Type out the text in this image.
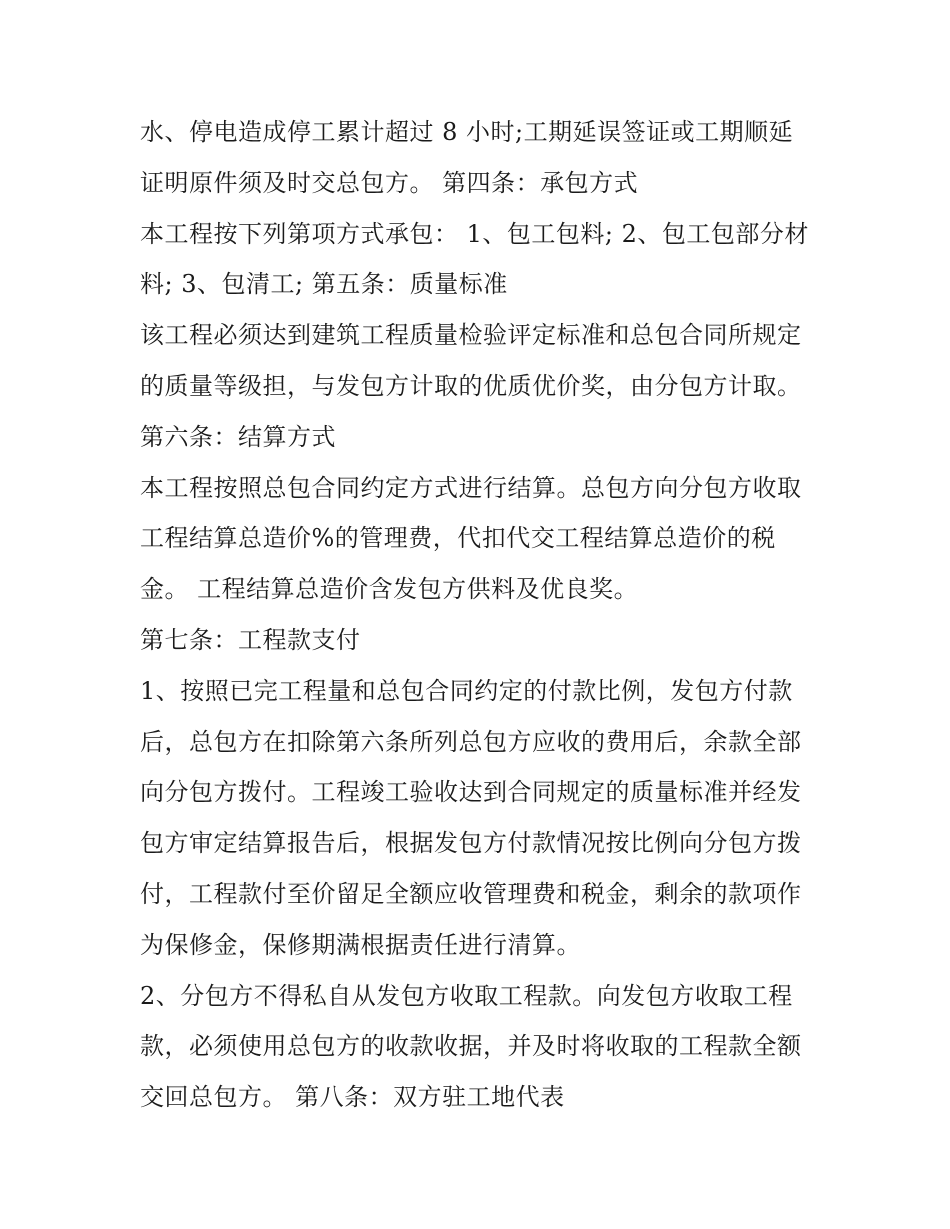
水、停电造成停工累计超过 8 小时;工期延误签证或工期顺延
证明原件须及时交总包方。 第四条：承包方式
本工程按下列第项方式承包： 1、包工包料; 2、包工包部分材
料; 3、包清工; 第五条：质量标准
该工程必须达到建筑工程质量检验评定标准和总包合同所规定
的质量等级担，与发包方计取的优质优价奖，由分包方计取。
第六条：结算方式
本工程按照总包合同约定方式进行结算。总包方向分包方收取
工程结算总造价%的管理费，代扣代交工程结算总造价的税
金。 工程结算总造价含发包方供料及优良奖。
第七条：工程款支付
1、按照已完工程量和总包合同约定的付款比例，发包方付款
后，总包方在扣除第六条所列总包方应收的费用后，余款全部
向分包方拨付。工程竣工验收达到合同规定的质量标准并经发
包方审定结算报告后，根据发包方付款情况按比例向分包方拨
付，工程款付至价留足全额应收管理费和税金，剩余的款项作
为保修金，保修期满根据责任进行清算。
2、分包方不得私自从发包方收取工程款。向发包方收取工程
款，必须使用总包方的收款收据，并及时将收取的工程款全额
交回总包方。 第八条：双方驻工地代表
